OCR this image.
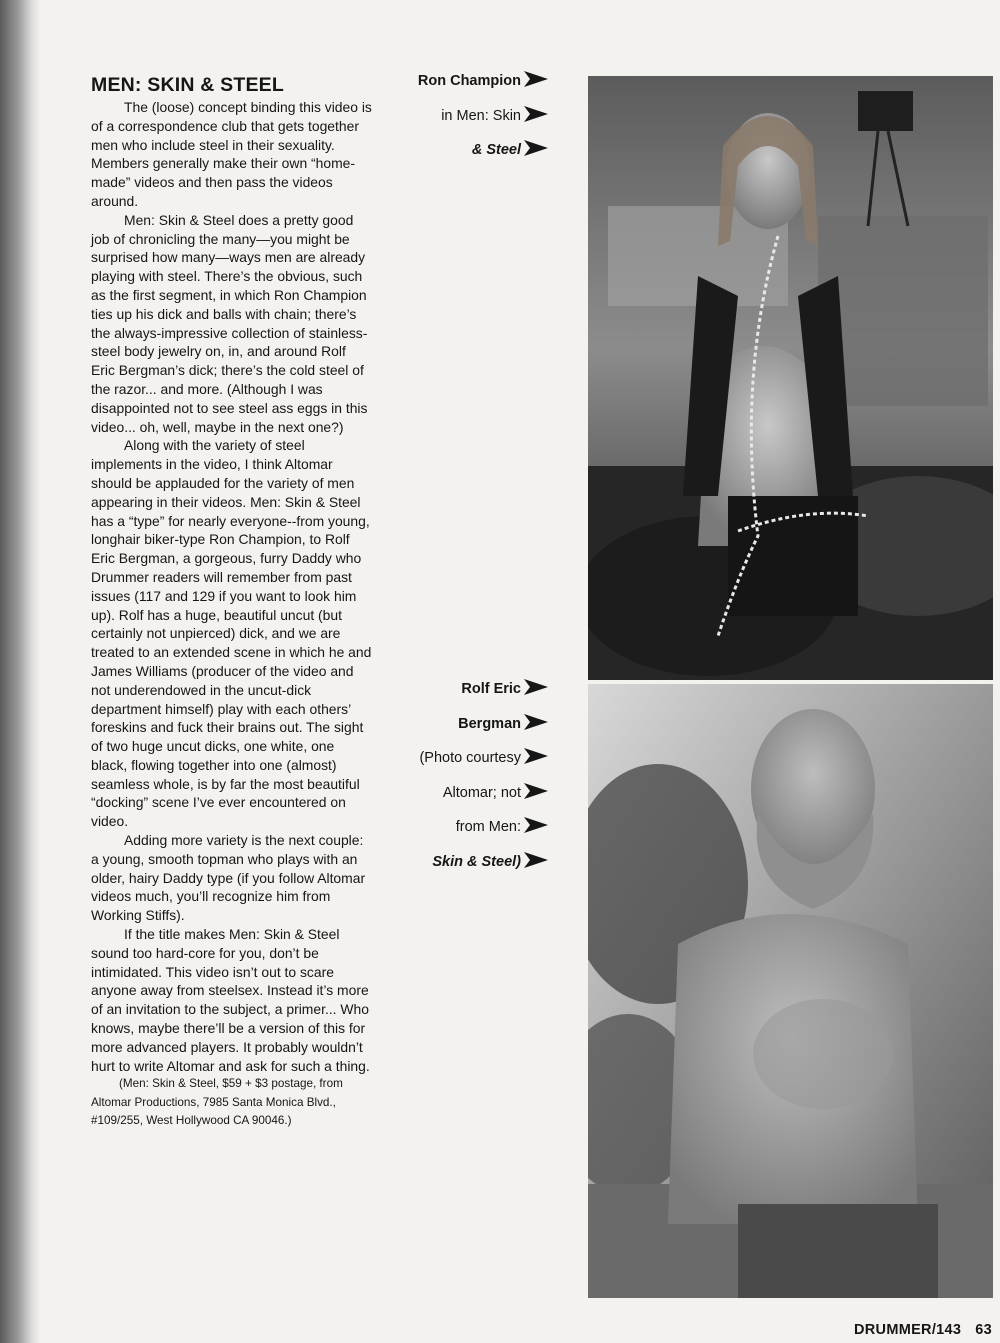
MEN: SKIN & STEEL

The (loose) concept binding this video is of a correspondence club that gets together men who include steel in their sexuality. Members generally make their own “home-made” videos and then pass the videos around.

Men: Skin & Steel does a pretty good job of chronicling the many—you might be surprised how many—ways men are already playing with steel. There’s the obvious, such as the first segment, in which Ron Champion ties up his dick and balls with chain; there’s the always-impressive collection of stainless-steel body jewelry on, in, and around Rolf Eric Bergman’s dick; there’s the cold steel of the razor... and more. (Although I was disappointed not to see steel ass eggs in this video... oh, well, maybe in the next one?)

Along with the variety of steel implements in the video, I think Altomar should be applauded for the variety of men appearing in their videos. Men: Skin & Steel has a “type” for nearly everyone--from young, longhair biker-type Ron Champion, to Rolf Eric Bergman, a gorgeous, furry Daddy who Drummer readers will remember from past issues (117 and 129 if you want to look him up). Rolf has a huge, beautiful uncut (but certainly not unpierced) dick, and we are treated to an extended scene in which he and James Williams (producer of the video and not underendowed in the uncut-dick department himself) play with each others’ foreskins and fuck their brains out. The sight of two huge uncut dicks, one white, one black, flowing together into one (almost) seamless whole, is by far the most beautiful “docking” scene I’ve ever encountered on video.

Adding more variety is the next couple: a young, smooth topman who plays with an older, hairy Daddy type (if you follow Altomar videos much, you’ll recognize him from Working Stiffs).

If the title makes Men: Skin & Steel sound too hard-core for you, don’t be intimidated. This video isn’t out to scare anyone away from steelsex. Instead it’s more of an invitation to the subject, a primer... Who knows, maybe there’ll be a version of this for more advanced players. It probably wouldn’t hurt to write Altomar and ask for such a thing.

(Men: Skin & Steel, $59 + $3 postage, from Altomar Productions, 7985 Santa Monica Blvd., #109/255, West Hollywood CA 90046.)

Ron Champion
in Men: Skin
& Steel
Rolf Eric
Bergman
(Photo courtesy
Altomar; not
from Men:
Skin & Steel)
DRUMMER/143 63
